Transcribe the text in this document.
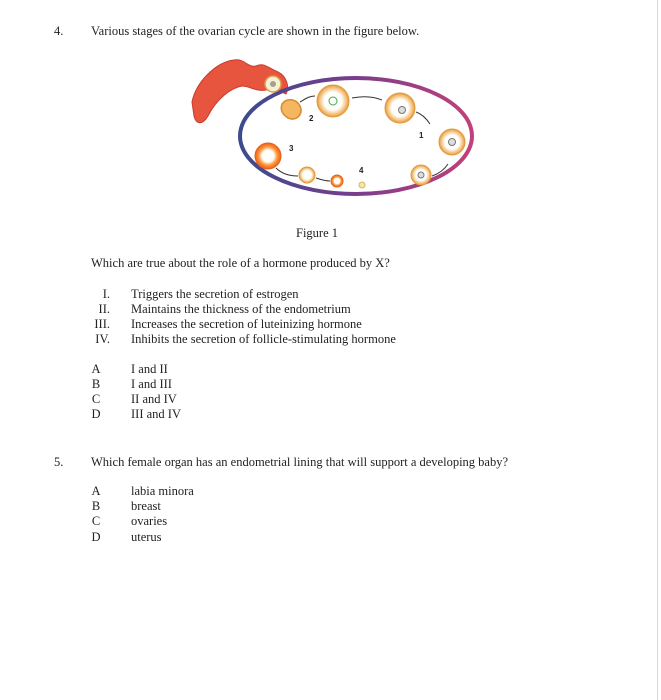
4. Various stages of the ovarian cycle are shown in the figure below.
1
2
3
4
Figure 1
Which are true about the role of a hormone produced by X?
I. Triggers the secretion of estrogen
II. Maintains the thickness of the endometrium
III. Increases the secretion of luteinizing hormone
IV. Inhibits the secretion of follicle-stimulating hormone
A I and II
B I and III
C II and IV
D III and IV
5. Which female organ has an endometrial lining that will support a developing baby?
A labia minora
B breast
C ovaries
D uterus
